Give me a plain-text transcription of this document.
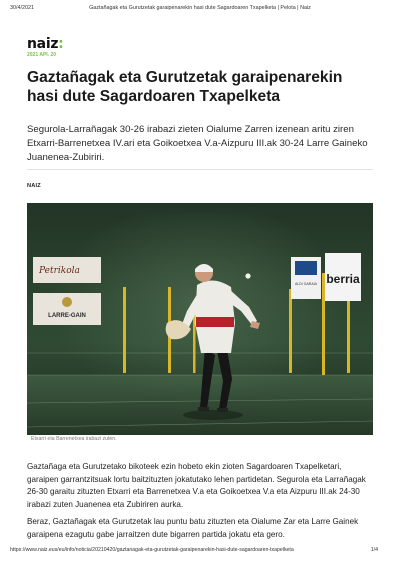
30/4/2021	Gaztañagak eta Gurutzetak garaipenarekin hasi dute Sagardoaren Txapelketa | Pelota | Naiz
naiz:
2021 API. 20
Gaztañagak eta Gurutzetak garaipenarekin hasi dute Sagardoaren Txapelketa

Segurola-Larrañagak 30-26 irabazi zieten Oialume Zarren izenean aritu ziren Etxarri-Barrenetxea IV.ari eta Goikoetxea V.a-Aizpuru III.ak 30-24 Larre Gaineko Juanenea-Zubiriri.

NAIZ
Petrikola
LARRE-GAIN
ALDI GARAIA berria
Etxarri eta Barrenetxea irabazi zuten.

Gaztañaga eta Gurutzetako bikoteek ezin hobeto ekin zioten Sagardoaren Txapelketari, garaipen garrantzitsuak lortu baitzituzten jokatutako lehen partidetan. Segurola eta Larrañagak 26-30 garaitu zituzten Etxarri eta Barrenetxea V.a eta Goikoetxea V.a eta Aizpuru III.ak 24-30 irabazi zuten Juanenea eta Zubiriren aurka.

Beraz, Gaztañagak eta Gurutzetak lau puntu batu zituzten eta Oialume Zar eta Larre Gainek garaipena ezagutu gabe jarraitzen dute bigarren partida jokatu eta gero.

https://www.naiz.eus/eu/info/noticia/20210420/gaztanagak-eta-gurutzetak-garaipenarekin-hasi-dute-sagardoaren-txapelketa	1/4
